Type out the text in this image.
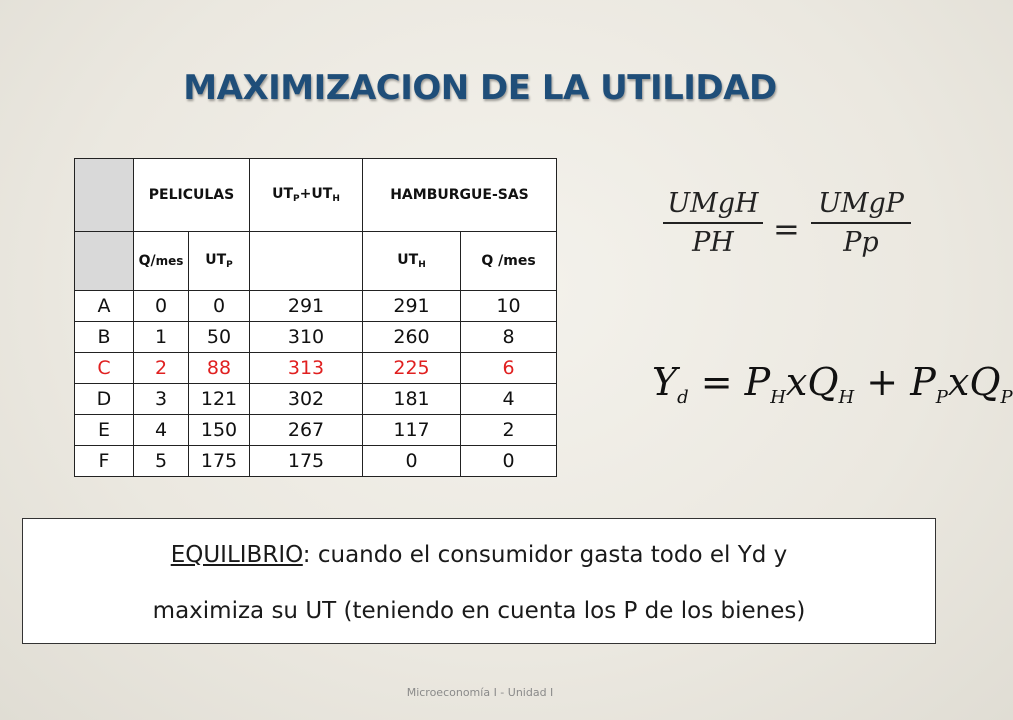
MAXIMIZACION DE LA UTILIDAD
	PELICULAS		$UT_P+UT_H$	HAMBURGUE-SAS	
	Q/mes	$UT_P$		$UT_H$	Q /mes
A	0	0	291	291	10
B	1	50	310	260	8
C	2	88	313	225	6
D	3	121	302	181	4
E	4	150	267	117	2
F	5	175	175	0	0
UMgH
PH	=
UMgP
Pp
$Y_d = P_HxQ_H + P_PxQ_P$
EQUILIBRIO: cuando el consumidor gasta todo el Yd y
maximiza su UT (teniendo en cuenta los P de los bienes)
Microeconomía I - Unidad I
